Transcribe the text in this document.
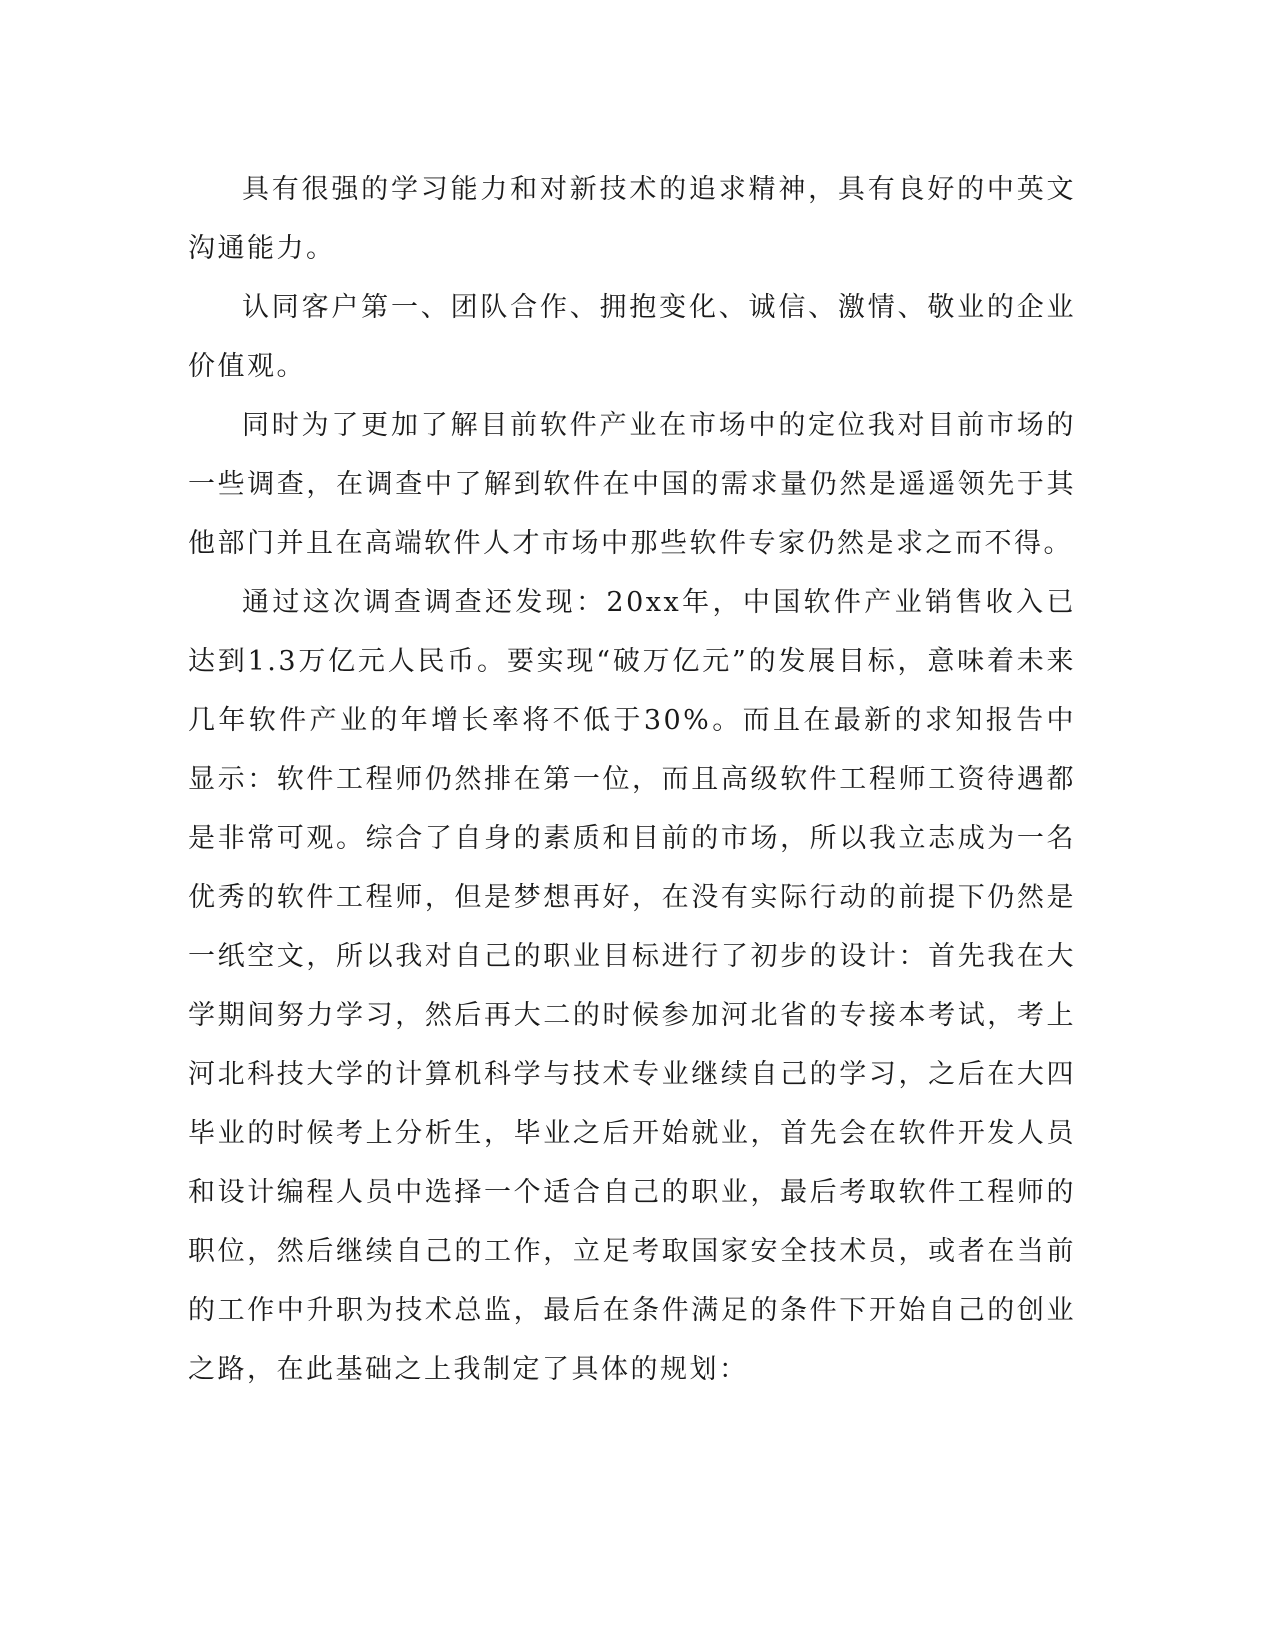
具有很强的学习能力和对新技术的追求精神，具有良好的中英文沟通能力。

认同客户第一、团队合作、拥抱变化、诚信、激情、敬业的企业价值观。

同时为了更加了解目前软件产业在市场中的定位我对目前市场的一些调查，在调查中了解到软件在中国的需求量仍然是遥遥领先于其他部门并且在高端软件人才市场中那些软件专家仍然是求之而不得。

通过这次调查调查还发现：20xx年，中国软件产业销售收入已达到1.3万亿元人民币。要实现“破万亿元”的发展目标，意味着未来几年软件产业的年增长率将不低于30%。而且在最新的求知报告中显示：软件工程师仍然排在第一位，而且高级软件工程师工资待遇都是非常可观。综合了自身的素质和目前的市场，所以我立志成为一名优秀的软件工程师，但是梦想再好，在没有实际行动的前提下仍然是一纸空文，所以我对自己的职业目标进行了初步的设计：首先我在大学期间努力学习，然后再大二的时候参加河北省的专接本考试，考上河北科技大学的计算机科学与技术专业继续自己的学习，之后在大四毕业的时候考上分析生，毕业之后开始就业，首先会在软件开发人员和设计编程人员中选择一个适合自己的职业，最后考取软件工程师的职位，然后继续自己的工作，立足考取国家安全技术员，或者在当前的工作中升职为技术总监，最后在条件满足的条件下开始自己的创业之路，在此基础之上我制定了具体的规划：
